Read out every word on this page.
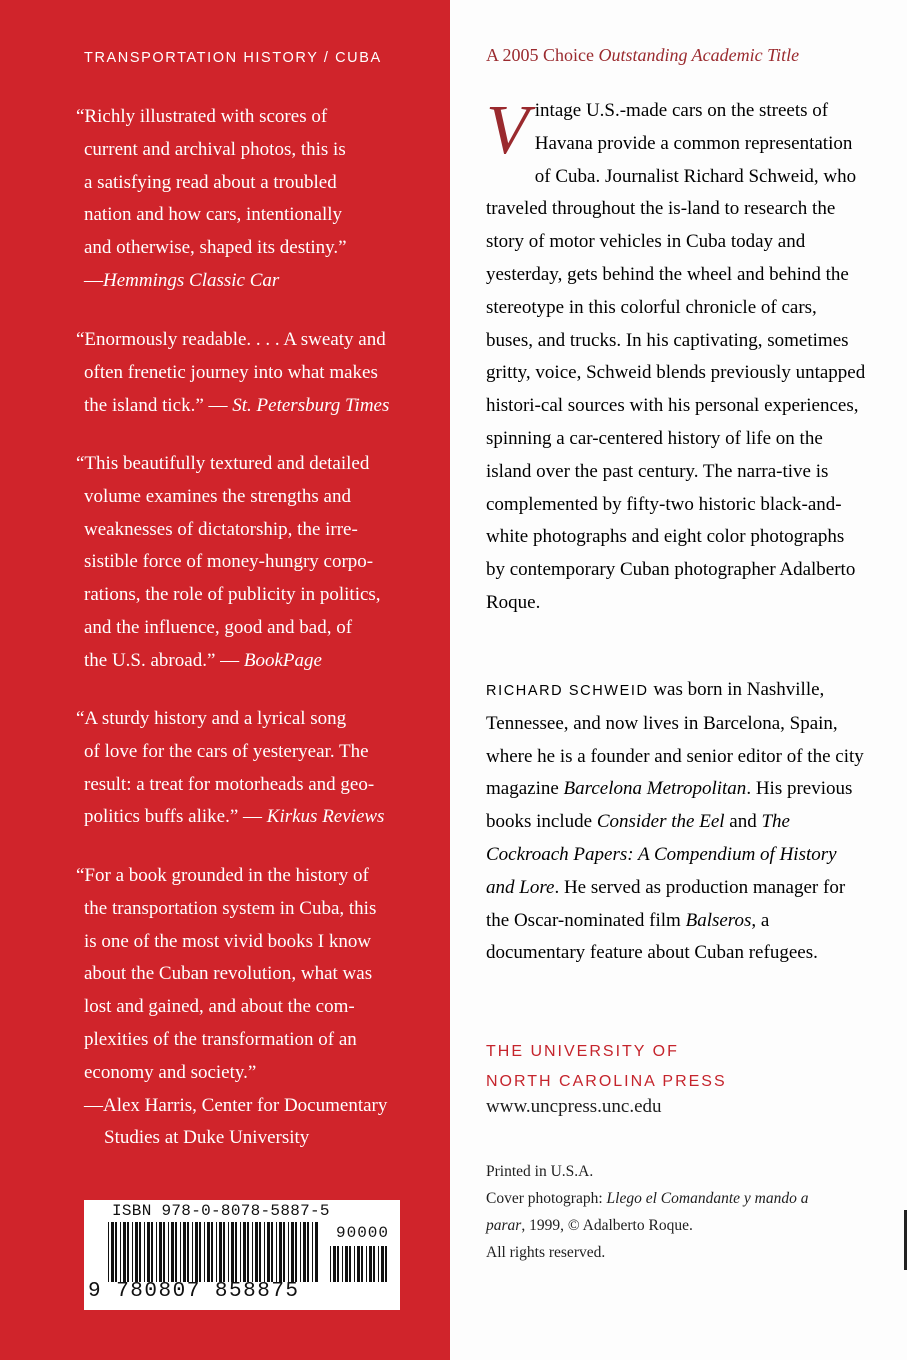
TRANSPORTATION HISTORY / CUBA
“Richly illustrated with scores of
current and archival photos, this is
a satisfying read about a troubled
nation and how cars, intentionally
and otherwise, shaped its destiny.”
—Hemmings Classic Car
“Enormously readable. . . . A sweaty and
often frenetic journey into what makes
the island tick.” — St. Petersburg Times
“This beautifully textured and detailed
volume examines the strengths and
weaknesses of dictatorship, the irre-
sistible force of money-hungry corpo-
rations, the role of publicity in politics,
and the influence, good and bad, of
the U.S. abroad.” — BookPage
“A sturdy history and a lyrical song
of love for the cars of yesteryear. The
result: a treat for motorheads and geo-
politics buffs alike.” — Kirkus Reviews
“For a book grounded in the history of
the transportation system in Cuba, this
is one of the most vivid books I know
about the Cuban revolution, what was
lost and gained, and about the com-
plexities of the transformation of an
economy and society.”
—Alex Harris, Center for Documentary
Studies at Duke University
ISBN 978-0-8078-5887-5
90000
9 780807 858875
A 2005 Choice Outstanding Academic Title
Vintage U.S.-made cars on the streets of Havana provide a common representation of Cuba. Journalist Richard Schweid, who traveled throughout the is-land to research the story of motor vehicles in Cuba today and yesterday, gets behind the wheel and behind the stereotype in this colorful chronicle of cars, buses, and trucks. In his captivating, sometimes gritty, voice, Schweid blends previously untapped histori-cal sources with his personal experiences, spinning a car-centered history of life on the island over the past century. The narra-tive is complemented by fifty-two historic black-and-white photographs and eight color photographs by contemporary Cuban photographer Adalberto Roque.
RICHARD SCHWEID was born in Nashville, Tennessee, and now lives in Barcelona, Spain, where he is a founder and senior editor of the city magazine Barcelona Metropolitan. His previous books include Consider the Eel and The Cockroach Papers: A Compendium of History and Lore. He served as production manager for the Oscar-nominated film Balseros, a documentary feature about Cuban refugees.
THE UNIVERSITY OF
NORTH CAROLINA PRESS
www.uncpress.unc.edu
Printed in U.S.A.
Cover photograph: Llego el Comandante y mando a parar, 1999, © Adalberto Roque.
All rights reserved.
